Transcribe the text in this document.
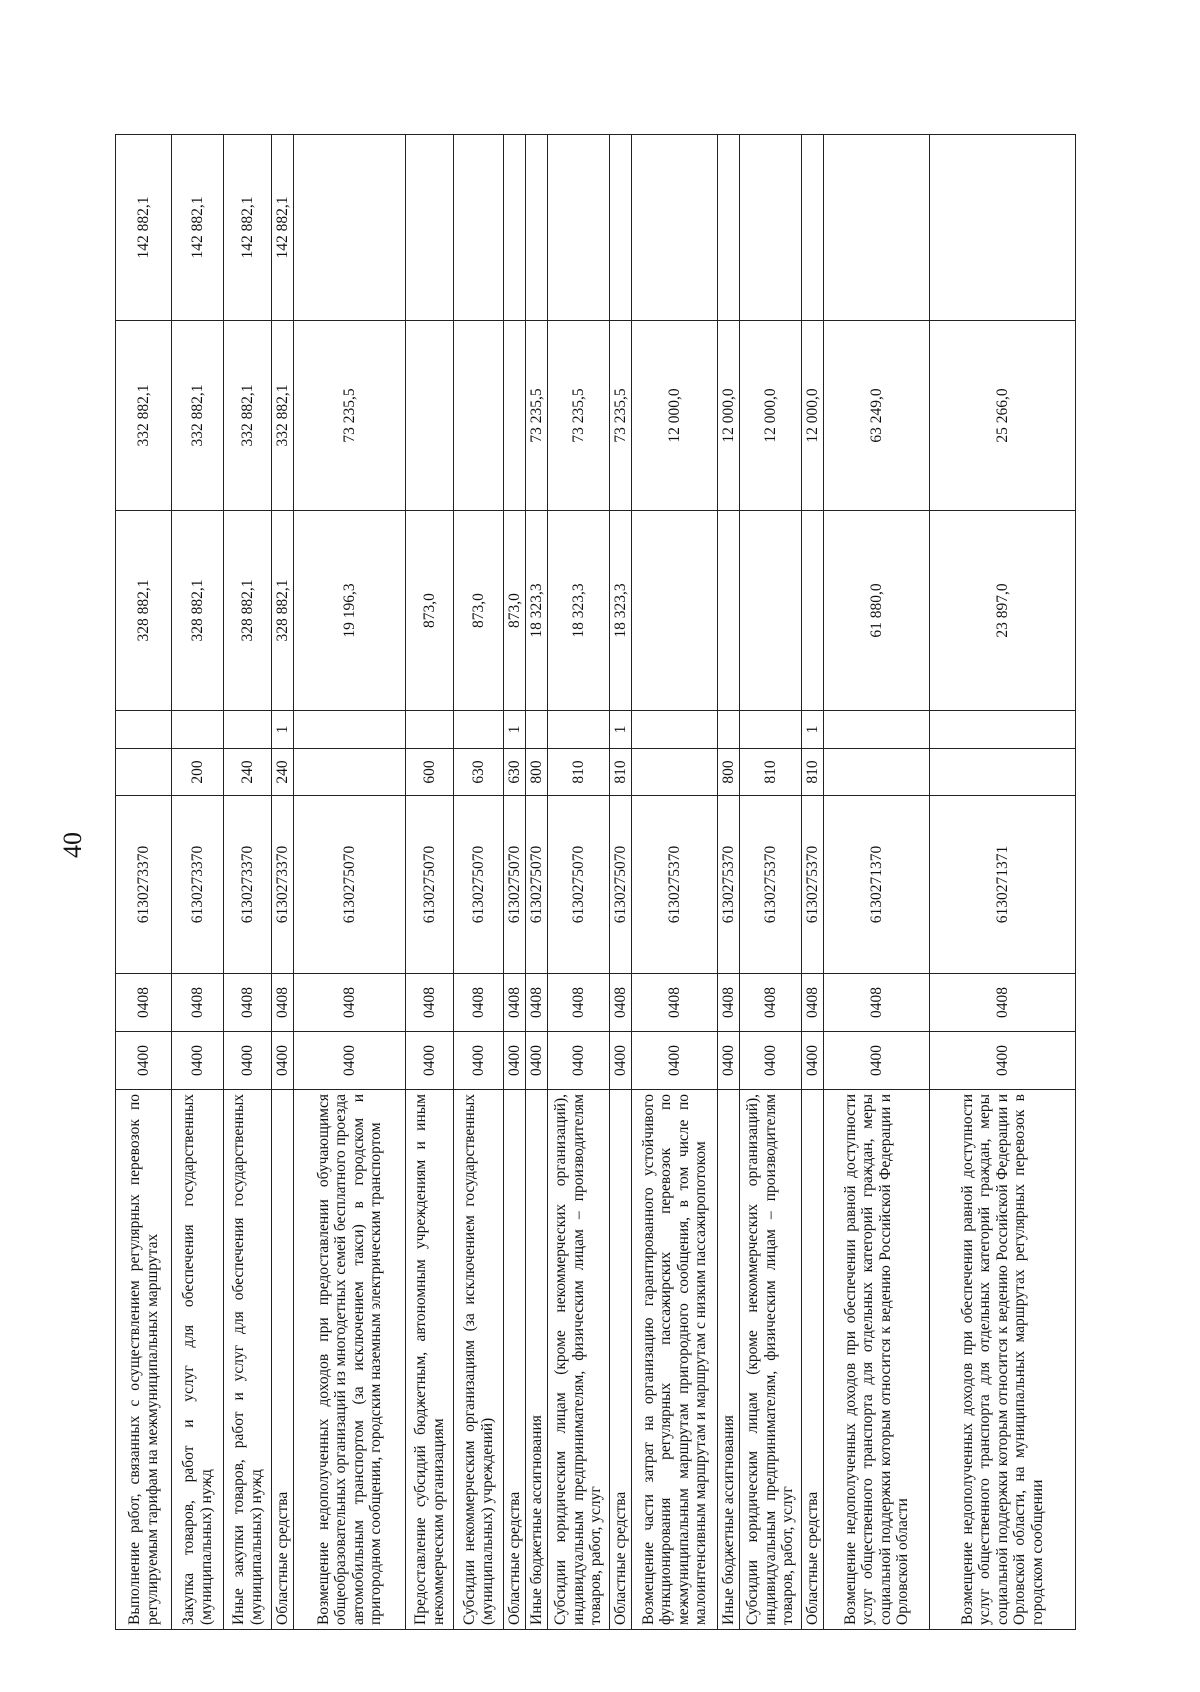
40
Выполнение работ, связанных с осуществлением регулярных перевозок по регулируемым тарифам на межмуниципальных маршрутах	0400	0408	6130273370			328 882,1	332 882,1	142 882,1
Закупка товаров, работ и услуг для обеспечения государственных (муниципальных) нужд	0400	0408	6130273370	200		328 882,1	332 882,1	142 882,1
Иные закупки товаров, работ и услуг для обеспечения государственных (муниципальных) нужд	0400	0408	6130273370	240		328 882,1	332 882,1	142 882,1
Областные средства	0400	0408	6130273370	240	1	328 882,1	332 882,1	142 882,1
Возмещение недополученных доходов при предоставлении обучающимся общеобразовательных организаций из многодетных семей бесплатного проезда автомобильным транспортом (за исключением такси) в городском и пригородном сообщении, городским наземным электрическим транспортом	0400	0408	6130275070			19 196,3	73 235,5	
Предоставление субсидий бюджетным, автономным учреждениям и иным некоммерческим организациям	0400	0408	6130275070	600		873,0		
Субсидии некоммерческим организациям (за исключением государственных (муниципальных) учреждений)	0400	0408	6130275070	630		873,0		
Областные средства	0400	0408	6130275070	630	1	873,0		
Иные бюджетные ассигнования	0400	0408	6130275070	800		18 323,3	73 235,5	
Субсидии юридическим лицам (кроме некоммерческих организаций), индивидуальным предпринимателям, физическим лицам – производителям товаров, работ, услуг	0400	0408	6130275070	810		18 323,3	73 235,5	
Областные средства	0400	0408	6130275070	810	1	18 323,3	73 235,5	
Возмещение части затрат на организацию гарантированного устойчивого функционирования регулярных пассажирских перевозок по межмуниципальным маршрутам пригородного сообщения, в том числе по малоинтенсивным маршрутам и маршрутам с низким пассажиропотоком	0400	0408	6130275370				12 000,0	
Иные бюджетные ассигнования	0400	0408	6130275370	800			12 000,0	
Субсидии юридическим лицам (кроме некоммерческих организаций), индивидуальным предпринимателям, физическим лицам – производителям товаров, работ, услуг	0400	0408	6130275370	810			12 000,0	
Областные средства	0400	0408	6130275370	810	1		12 000,0	
Возмещение недополученных доходов при обеспечении равной доступности услуг общественного транспорта для отдельных категорий граждан, меры социальной поддержки которым относится к ведению Российской Федерации и Орловской области	0400	0408	6130271370			61 880,0	63 249,0	
Возмещение недополученных доходов при обеспечении равной доступности услуг общественного транспорта для отдельных категорий граждан, меры социальной поддержки которым относится к ведению Российской Федерации и Орловской области, на муниципальных маршрутах регулярных перевозок в городском сообщении	0400	0408	6130271371			23 897,0	25 266,0	
